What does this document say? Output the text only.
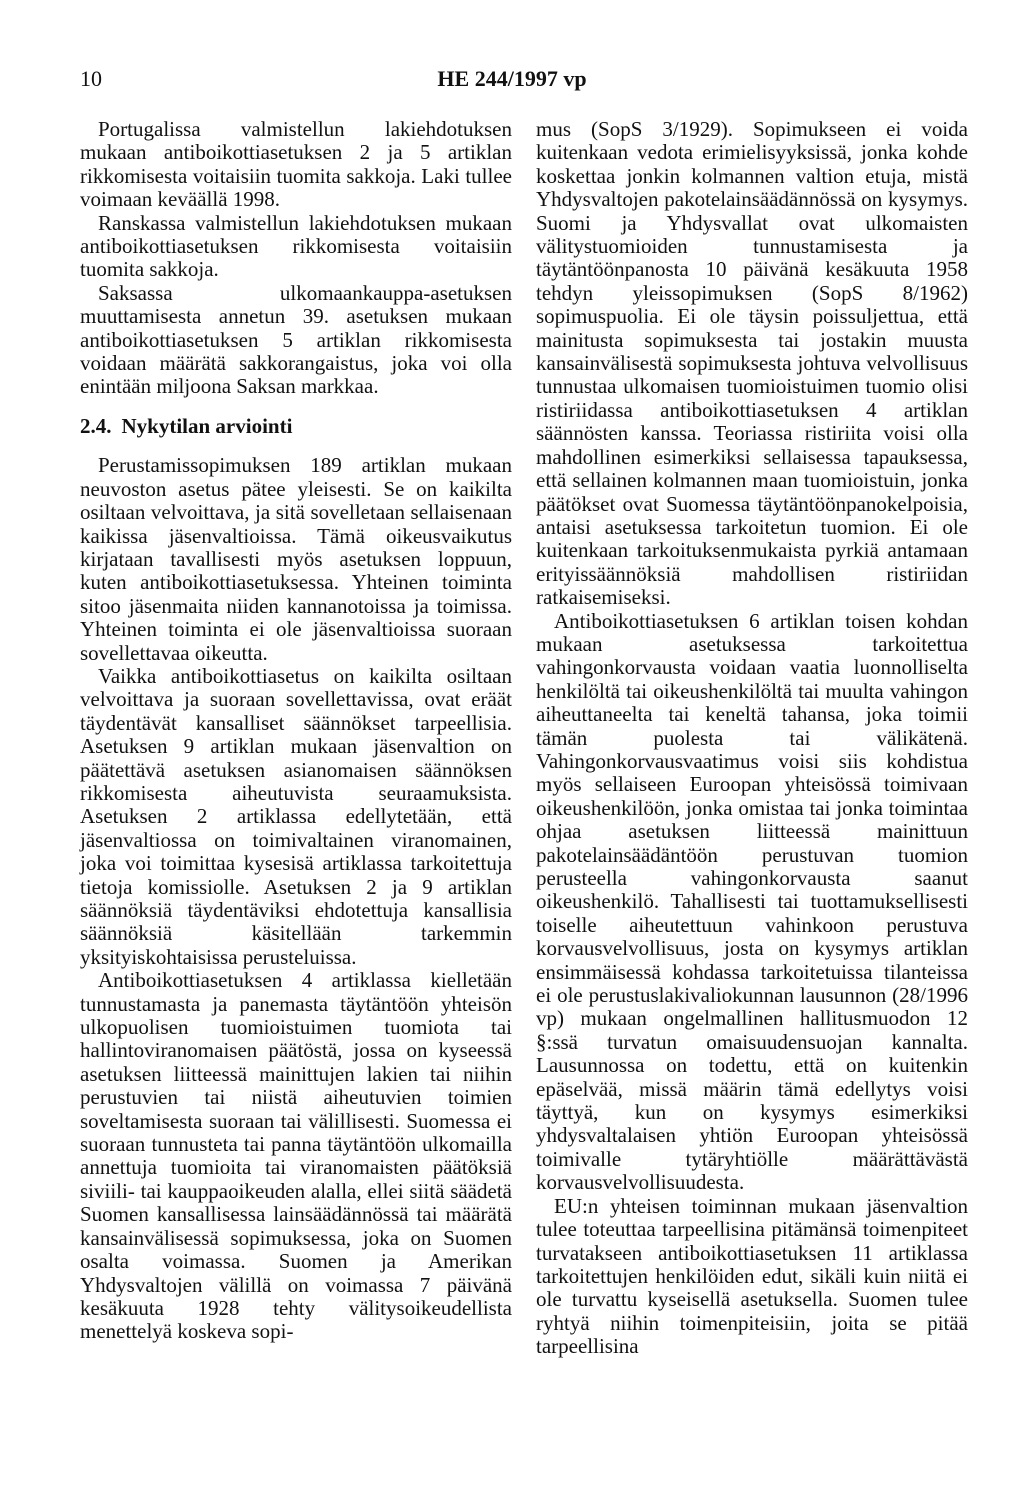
10	HE 244/1997 vp

Portugalissa valmistellun lakiehdotuksen mukaan antiboikottiasetuksen 2 ja 5 artiklan rikkomisesta voitaisiin tuomita sakkoja. Laki tullee voimaan keväällä 1998.

Ranskassa valmistellun lakiehdotuksen mukaan antiboikottiasetuksen rikkomisesta voitaisiin tuomita sakkoja.

Saksassa ulkomaankauppa-asetuksen muuttamisesta annetun 39. asetuksen mukaan antiboikottiasetuksen 5 artiklan rikkomisesta voidaan määrätä sakkorangaistus, joka voi olla enintään miljoona Saksan markkaa.

2.4. Nykytilan arviointi

Perustamissopimuksen 189 artiklan mukaan neuvoston asetus pätee yleisesti. Se on kaikilta osiltaan velvoittava, ja sitä sovelletaan sellaisenaan kaikissa jäsenvaltioissa. Tämä oikeusvaikutus kirjataan tavallisesti myös asetuksen loppuun, kuten antiboikottiasetuksessa. Yhteinen toiminta sitoo jäsenmaita niiden kannanotoissa ja toimissa. Yhteinen toiminta ei ole jäsenvaltioissa suoraan sovellettavaa oikeutta.

Vaikka antiboikottiasetus on kaikilta osiltaan velvoittava ja suoraan sovellettavissa, ovat eräät täydentävät kansalliset säännökset tarpeellisia. Asetuksen 9 artiklan mukaan jäsenvaltion on päätettävä asetuksen asianomaisen säännöksen rikkomisesta aiheutuvista seuraamuksista. Asetuksen 2 artiklassa edellytetään, että jäsenvaltiossa on toimivaltainen viranomainen, joka voi toimittaa kysesisä artiklassa tarkoitettuja tietoja komissiolle. Asetuksen 2 ja 9 artiklan säännöksiä täydentäviksi ehdotettuja kansallisia säännöksiä käsitellään tarkemmin yksityiskohtaisissa perusteluissa.

Antiboikottiasetuksen 4 artiklassa kielletään tunnustamasta ja panemasta täytäntöön yhteisön ulkopuolisen tuomioistuimen tuomiota tai hallintoviranomaisen päätöstä, jossa on kyseessä asetuksen liitteessä mainittujen lakien tai niihin perustuvien tai niistä aiheutuvien toimien soveltamisesta suoraan tai välillisesti. Suomessa ei suoraan tunnusteta tai panna täytäntöön ulkomailla annettuja tuomioita tai viranomaisten päätöksiä siviili- tai kauppaoikeuden alalla, ellei siitä säädetä Suomen kansallisessa lainsäädännössä tai määrätä kansainvälisessä sopimuksessa, joka on Suomen osalta voimassa. Suomen ja Amerikan Yhdysvaltojen välillä on voimassa 7 päivänä kesäkuuta 1928 tehty välitysoikeudellista menettelyä koskeva sopi-

mus (SopS 3/1929). Sopimukseen ei voida kuitenkaan vedota erimielisyyksissä, jonka kohde koskettaa jonkin kolmannen valtion etuja, mistä Yhdysvaltojen pakotelainsäädännössä on kysymys. Suomi ja Yhdysvallat ovat ulkomaisten välitystuomioiden tunnustamisesta ja täytäntöönpanosta 10 päivänä kesäkuuta 1958 tehdyn yleissopimuksen (SopS 8/1962) sopimuspuolia. Ei ole täysin poissuljettua, että mainitusta sopimuksesta tai jostakin muusta kansainvälisestä sopimuksesta johtuva velvollisuus tunnustaa ulkomaisen tuomioistuimen tuomio olisi ristiriidassa antiboikottiasetuksen 4 artiklan säännösten kanssa. Teoriassa ristiriita voisi olla mahdollinen esimerkiksi sellaisessa tapauksessa, että sellainen kolmannen maan tuomioistuin, jonka päätökset ovat Suomessa täytäntöönpanokelpoisia, antaisi asetuksessa tarkoitetun tuomion. Ei ole kuitenkaan tarkoituksenmukaista pyrkiä antamaan erityissäännöksiä mahdollisen ristiriidan ratkaisemiseksi.

Antiboikottiasetuksen 6 artiklan toisen kohdan mukaan asetuksessa tarkoitettua vahingonkorvausta voidaan vaatia luonnolliselta henkilöltä tai oikeushenkilöltä tai muulta vahingon aiheuttaneelta tai keneltä tahansa, joka toimii tämän puolesta tai välikätenä. Vahingonkorvausvaatimus voisi siis kohdistua myös sellaiseen Euroopan yhteisössä toimivaan oikeushenkilöön, jonka omistaa tai jonka toimintaa ohjaa asetuksen liitteessä mainittuun pakotelainsäädäntöön perustuvan tuomion perusteella vahingonkorvausta saanut oikeushenkilö. Tahallisesti tai tuottamuksellisesti toiselle aiheutettuun vahinkoon perustuva korvausvelvollisuus, josta on kysymys artiklan ensimmäisessä kohdassa tarkoitetuissa tilanteissa ei ole perustuslakivaliokunnan lausunnon (28/1996 vp) mukaan ongelmallinen hallitusmuodon 12 §:ssä turvatun omaisuudensuojan kannalta. Lausunnossa on todettu, että on kuitenkin epäselvää, missä määrin tämä edellytys voisi täyttyä, kun on kysymys esimerkiksi yhdysvaltalaisen yhtiön Euroopan yhteisössä toimivalle tytäryhtiölle määrättävästä korvausvelvollisuudesta.

EU:n yhteisen toiminnan mukaan jäsenvaltion tulee toteuttaa tarpeellisina pitämänsä toimenpiteet turvatakseen antiboikottiasetuksen 11 artiklassa tarkoitettujen henkilöiden edut, sikäli kuin niitä ei ole turvattu kyseisellä asetuksella. Suomen tulee ryhtyä niihin toimenpiteisiin, joita se pitää tarpeellisina
